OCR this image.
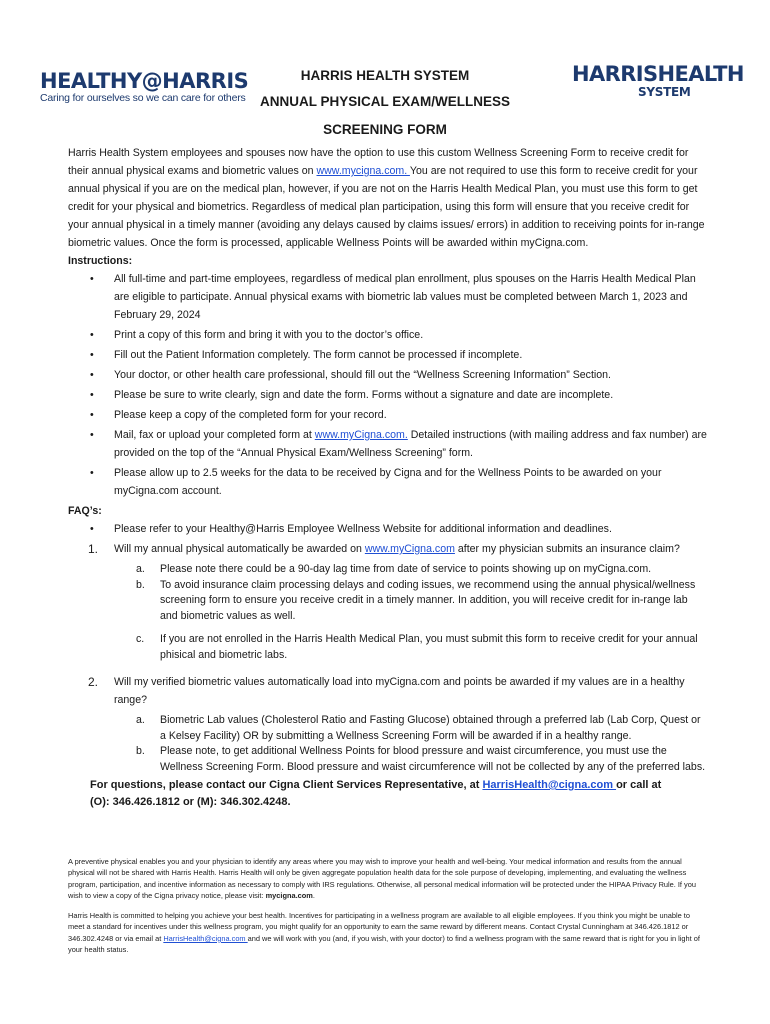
HEALTHY@HARRIS
Caring for ourselves so we can care for others
HARRISHEALTH
SYSTEM
HARRIS HEALTH SYSTEM
ANNUAL PHYSICAL EXAM/WELLNESS
SCREENING FORM

Harris Health System employees and spouses now have the option to use this custom Wellness Screening Form to receive credit for their annual physical exams and biometric values on www.mycigna.com. You are not required to use this form to receive credit for your annual physical if you are on the medical plan, however, if you are not on the Harris Health Medical Plan, you must use this form to get credit for your physical and biometrics. Regardless of medical plan participation, using this form will ensure that you receive credit for your annual physical in a timely manner (avoiding any delays caused by claims issues/ errors) in addition to receiving points for in-range biometric values. Once the form is processed, applicable Wellness Points will be awarded within myCigna.com.

Instructions:

• All full-time and part-time employees, regardless of medical plan enrollment, plus spouses on the Harris Health Medical Plan are eligible to participate. Annual physical exams with biometric lab values must be completed between March 1, 2023 and February 29, 2024
• Print a copy of this form and bring it with you to the doctor’s office.
• Fill out the Patient Information completely. The form cannot be processed if incomplete.
• Your doctor, or other health care professional, should fill out the “Wellness Screening Information” Section.
• Please be sure to write clearly, sign and date the form. Forms without a signature and date are incomplete.
• Please keep a copy of the completed form for your record.
• Mail, fax or upload your completed form at www.myCigna.com. Detailed instructions (with mailing address and fax number) are provided on the top of the “Annual Physical Exam/Wellness Screening” form.
• Please allow up to 2.5 weeks for the data to be received by Cigna and for the Wellness Points to be awarded on your myCigna.com account.

FAQ’s:

• Please refer to your Healthy@Harris Employee Wellness Website for additional information and deadlines.
1. Will my annual physical automatically be awarded on www.myCigna.com after my physician submits an insurance claim?
a. Please note there could be a 90-day lag time from date of service to points showing up on myCigna.com.
b. To avoid insurance claim processing delays and coding issues, we recommend using the annual physical/wellness screening form to ensure you receive credit in a timely manner. In addition, you will receive credit for in-range lab and biometric values as well.
c. If you are not enrolled in the Harris Health Medical Plan, you must submit this form to receive credit for your annual phisical and biometric labs.
2. Will my verified biometric values automatically load into myCigna.com and points be awarded if my values are in a healthy range?
a. Biometric Lab values (Cholesterol Ratio and Fasting Glucose) obtained through a preferred lab (Lab Corp, Quest or a Kelsey Facility) OR by submitting a Wellness Screening Form will be awarded if in a healthy range.
b. Please note, to get additional Wellness Points for blood pressure and waist circumference, you must use the Wellness Screening Form. Blood pressure and waist circumference will not be collected by any of the preferred labs.
For questions, please contact our Cigna Client Services Representative, at HarrisHealth@cigna.com or call at
(O): 346.426.1812 or (M): 346.302.4248.

A preventive physical enables you and your physician to identify any areas where you may wish to improve your health and well-being. Your medical information and results from the annual physical will not be shared with Harris Health. Harris Health will only be given aggregate population health data for the sole purpose of developing, implementing, and evaluating the wellness program, participation, and incentive information as necessary to comply with IRS regulations. Otherwise, all personal medical information will be protected under the HIPAA Privacy Rule. If you wish to view a copy of the Cigna privacy notice, please visit: mycigna.com.

Harris Health is committed to helping you achieve your best health. Incentives for participating in a wellness program are available to all eligible employees. If you think you might be unable to meet a standard for incentives under this wellness program, you might qualify for an opportunity to earn the same reward by different means. Contact Crystal Cunningham at 346.426.1812 or 346.302.4248 or via email at HarrisHealth@cigna.com and we will work with you (and, if you wish, with your doctor) to find a wellness program with the same reward that is right for you in light of your health status.
